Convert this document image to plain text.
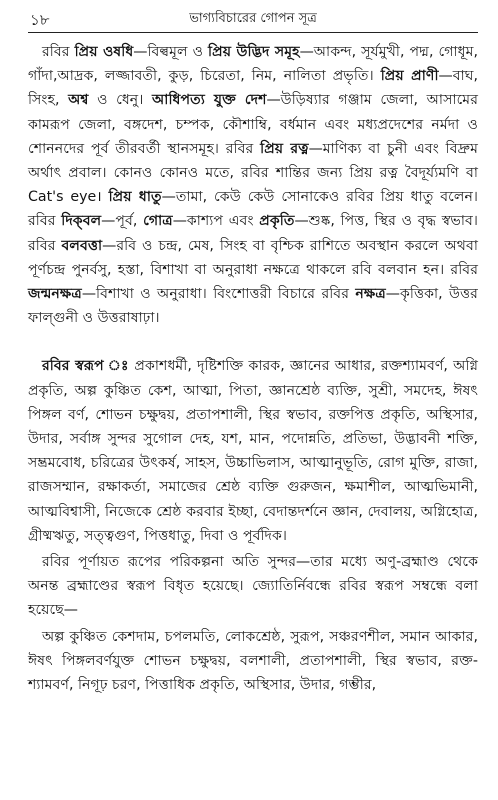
১৮	ভাগ্যবিচারের গোপন সূত্র

রবির প্রিয় ওষধি—বিল্বমূল ও প্রিয় উদ্ভিদ সমূহ—আকন্দ, সূর্যমুখী, পদ্ম, গোধূম, গাঁদা,আদ্রক, লজ্জাবতী, কুড়, চিরেতা, নিম, নালিতা প্রভৃতি। প্রিয় প্রাণী—বাঘ, সিংহ, অশ্ব ও ধেনু। আধিপত্য যুক্ত দেশ—উড়িষ্যার গঞ্জাম জেলা, আসামের কামরূপ জেলা, বঙ্গদেশ, চম্পক, কৌশাম্বি, বর্ধমান এবং মধ্যপ্রদেশের নর্মদা ও শোননদের পূর্ব তীরবর্তী স্থানসমূহ। রবির প্রিয় রত্ন—মাণিক্য বা চুনী এবং বিদ্রুম অর্থাৎ প্রবাল। কোনও কোনও মতে, রবির শান্তির জন্য প্রিয় রত্ন বৈদূর্য্যমণি বা Cat's eye। প্রিয় ধাতু—তামা, কেউ কেউ সোনাকেও রবির প্রিয় ধাতু বলেন। রবির দিক্‌বল—পূর্ব, গোত্র—কাশ্যপ এবং প্রকৃতি—শুষ্ক, পিত্ত, স্থির ও বৃদ্ধ স্বভাব। রবির বলবত্তা—রবি ও চন্দ্র, মেষ, সিংহ বা বৃশ্চিক রাশিতে অবস্থান করলে অথবা পূর্ণচন্দ্র পুনর্বসু, হস্তা, বিশাখা বা অনুরাধা নক্ষত্রে থাকলে রবি বলবান হন। রবির জন্মনক্ষত্র—বিশাখা ও অনুরাধা। বিংশোত্তরী বিচারে রবির নক্ষত্র—কৃত্তিকা, উত্তর ফাল্গুনী ও উত্তরাষাঢ়া।

রবির স্বরূপ ঃ প্রকাশধর্মী, দৃষ্টিশক্তি কারক, জ্ঞানের আধার, রক্তশ্যামবর্ণ, অগ্নি প্রকৃতি, অল্প কুঞ্চিত কেশ, আত্মা, পিতা, জ্ঞানশ্রেষ্ঠ ব্যক্তি, সুশ্রী, সমদেহ, ঈষৎ পিঙ্গল বর্ণ, শোভন চক্ষুদ্বয়, প্রতাপশালী, স্থির স্বভাব, রক্তপিত্ত প্রকৃতি, অস্থিসার, উদার, সর্বাঙ্গ সুন্দর সুগোল দেহ, যশ, মান, পদোন্নতি, প্রতিভা, উদ্ভাবনী শক্তি, সম্ভ্রমবোধ, চরিত্রের উৎকর্ষ, সাহস, উচ্চাভিলাস, আত্মানুভূতি, রোগ মুক্তি, রাজা, রাজসম্মান, রক্ষাকর্তা, সমাজের শ্রেষ্ঠ ব্যক্তি গুরুজন, ক্ষমাশীল, আত্মভিমানী, আত্মবিশ্বাসী, নিজেকে শ্রেষ্ঠ করবার ইচ্ছা, বেদান্তদর্শনে জ্ঞান, দেবালয়, অগ্নিহোত্র, গ্রীষ্মঋতু, সত্ত্বগুণ, পিত্তধাতু, দিবা ও পূর্বদিক।

রবির পূর্ণায়ত রূপের পরিকল্পনা অতি সুন্দর—তার মধ্যে অণু-ব্রহ্মাণ্ড থেকে অনন্ত ব্রহ্মাণ্ডের স্বরূপ বিধৃত হয়েছে। জ্যোতির্নিবন্ধে রবির স্বরূপ সম্বন্ধে বলা হয়েছে—

অল্প কুঞ্চিত কেশদাম, চপলমতি, লোকশ্রেষ্ঠ, সুরূপ, সঞ্চরণশীল, সমান আকার, ঈষৎ পিঙ্গলবর্ণযুক্ত শোভন চক্ষুদ্বয়, বলশালী, প্রতাপশালী, স্থির স্বভাব, রক্ত-শ্যামবর্ণ, নিগূঢ় চরণ, পিত্তাধিক প্রকৃতি, অস্থিসার, উদার, গম্ভীর,
